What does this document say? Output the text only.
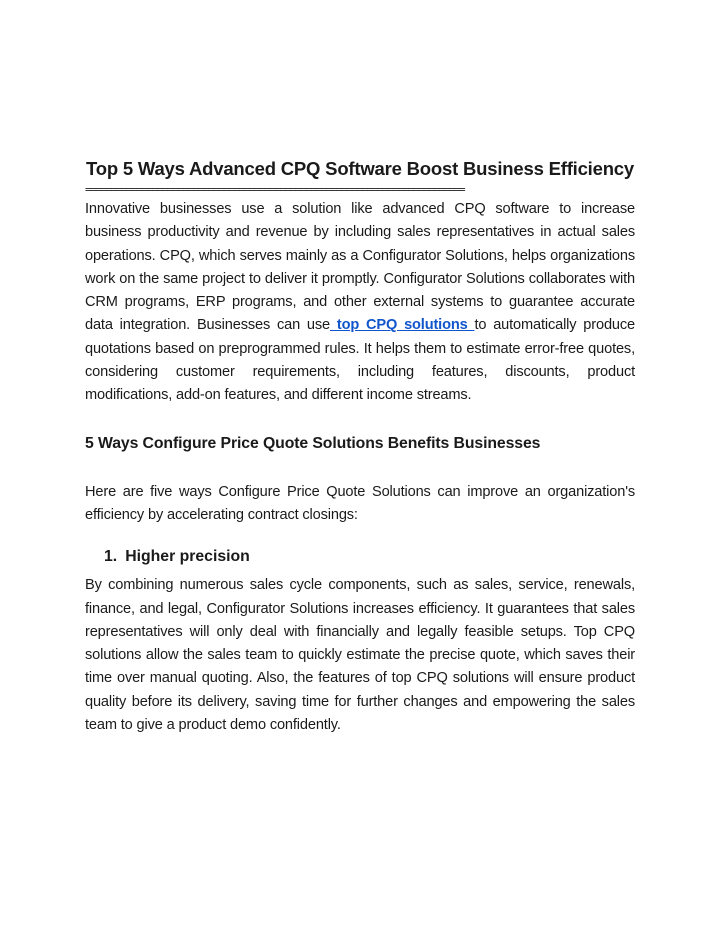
Top 5 Ways Advanced CPQ Software Boost Business Efficiency
==========================================================================

Innovative businesses use a solution like advanced CPQ software to increase business productivity and revenue by including sales representatives in actual sales operations. CPQ, which serves mainly as a Configurator Solutions, helps organizations work on the same project to deliver it promptly. Configurator Solutions collaborates with CRM programs, ERP programs, and other external systems to guarantee accurate data integration. Businesses can use top CPQ solutions to automatically produce quotations based on preprogrammed rules. It helps them to estimate error-free quotes, considering customer requirements, including features, discounts, product modifications, add-on features, and different income streams.

5 Ways Configure Price Quote Solutions Benefits Businesses

Here are five ways Configure Price Quote Solutions can improve an organization's efficiency by accelerating contract closings:

1. Higher precision

By combining numerous sales cycle components, such as sales, service, renewals, finance, and legal, Configurator Solutions increases efficiency. It guarantees that sales representatives will only deal with financially and legally feasible setups. Top CPQ solutions allow the sales team to quickly estimate the precise quote, which saves their time over manual quoting. Also, the features of top CPQ solutions will ensure product quality before its delivery, saving time for further changes and empowering the sales team to give a product demo confidently.
